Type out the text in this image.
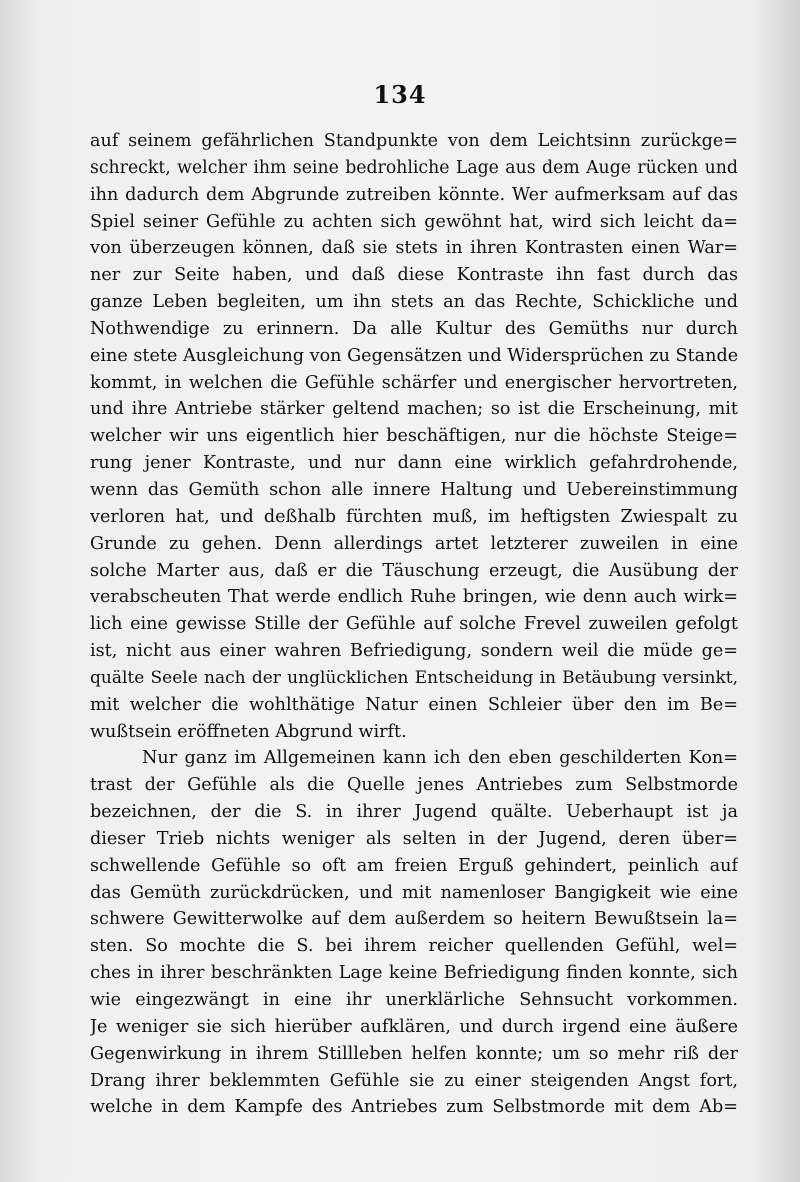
134
auf seinem gefährlichen Standpunkte von dem Leichtsinn zurückge=
schreckt, welcher ihm seine bedrohliche Lage aus dem Auge rücken und
ihn dadurch dem Abgrunde zutreiben könnte. Wer aufmerksam auf das
Spiel seiner Gefühle zu achten sich gewöhnt hat, wird sich leicht da=
von überzeugen können, daß sie stets in ihren Kontrasten einen War=
ner zur Seite haben, und daß diese Kontraste ihn fast durch das
ganze Leben begleiten, um ihn stets an das Rechte, Schickliche und
Nothwendige zu erinnern. Da alle Kultur des Gemüths nur durch
eine stete Ausgleichung von Gegensätzen und Widersprüchen zu Stande
kommt, in welchen die Gefühle schärfer und energischer hervortreten,
und ihre Antriebe stärker geltend machen; so ist die Erscheinung, mit
welcher wir uns eigentlich hier beschäftigen, nur die höchste Steige=
rung jener Kontraste, und nur dann eine wirklich gefahrdrohende,
wenn das Gemüth schon alle innere Haltung und Uebereinstimmung
verloren hat, und deßhalb fürchten muß, im heftigsten Zwiespalt zu
Grunde zu gehen. Denn allerdings artet letzterer zuweilen in eine
solche Marter aus, daß er die Täuschung erzeugt, die Ausübung der
verabscheuten That werde endlich Ruhe bringen, wie denn auch wirk=
lich eine gewisse Stille der Gefühle auf solche Frevel zuweilen gefolgt
ist, nicht aus einer wahren Befriedigung, sondern weil die müde ge=
quälte Seele nach der unglücklichen Entscheidung in Betäubung versinkt,
mit welcher die wohlthätige Natur einen Schleier über den im Be=
wußtsein eröffneten Abgrund wirft.
Nur ganz im Allgemeinen kann ich den eben geschilderten Kon=
trast der Gefühle als die Quelle jenes Antriebes zum Selbstmorde
bezeichnen, der die S. in ihrer Jugend quälte. Ueberhaupt ist ja
dieser Trieb nichts weniger als selten in der Jugend, deren über=
schwellende Gefühle so oft am freien Erguß gehindert, peinlich auf
das Gemüth zurückdrücken, und mit namenloser Bangigkeit wie eine
schwere Gewitterwolke auf dem außerdem so heitern Bewußtsein la=
sten. So mochte die S. bei ihrem reicher quellenden Gefühl, wel=
ches in ihrer beschränkten Lage keine Befriedigung finden konnte, sich
wie eingezwängt in eine ihr unerklärliche Sehnsucht vorkommen.
Je weniger sie sich hierüber aufklären, und durch irgend eine äußere
Gegenwirkung in ihrem Stillleben helfen konnte; um so mehr riß der
Drang ihrer beklemmten Gefühle sie zu einer steigenden Angst fort,
welche in dem Kampfe des Antriebes zum Selbstmorde mit dem Ab=
